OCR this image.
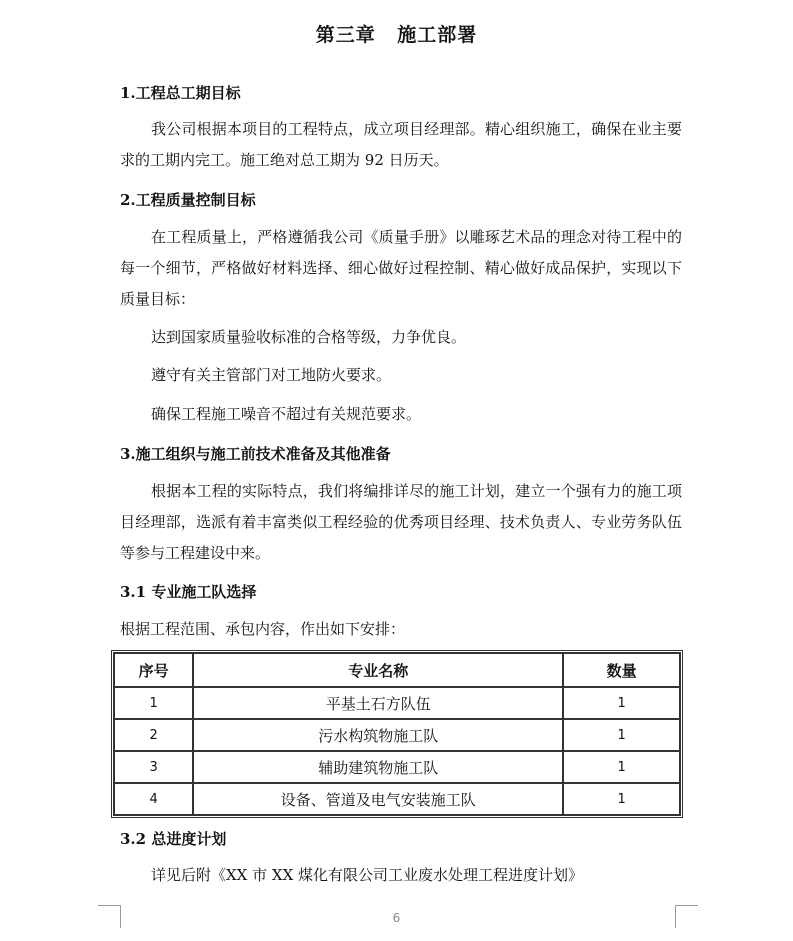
第三章 施工部署
1.工程总工期目标
我公司根据本项目的工程特点，成立项目经理部。精心组织施工，确保在业主要求的工期内完工。施工绝对总工期为 92 日历天。
2.工程质量控制目标
在工程质量上，严格遵循我公司《质量手册》以雕琢艺术品的理念对待工程中的每一个细节，严格做好材料选择、细心做好过程控制、精心做好成品保护，实现以下质量目标：
达到国家质量验收标准的合格等级，力争优良。
遵守有关主管部门对工地防火要求。
确保工程施工噪音不超过有关规范要求。
3.施工组织与施工前技术准备及其他准备
根据本工程的实际特点，我们将编排详尽的施工计划，建立一个强有力的施工项目经理部，选派有着丰富类似工程经验的优秀项目经理、技术负责人、专业劳务队伍等参与工程建设中来。
3.1 专业施工队选择
根据工程范围、承包内容，作出如下安排：
序号	专业名称	数量
1	平基土石方队伍	1
2	污水构筑物施工队	1
3	辅助建筑物施工队	1
4	设备、管道及电气安装施工队	1
3.2 总进度计划
详见后附《XX 市 XX 煤化有限公司工业废水处理工程进度计划》
6
